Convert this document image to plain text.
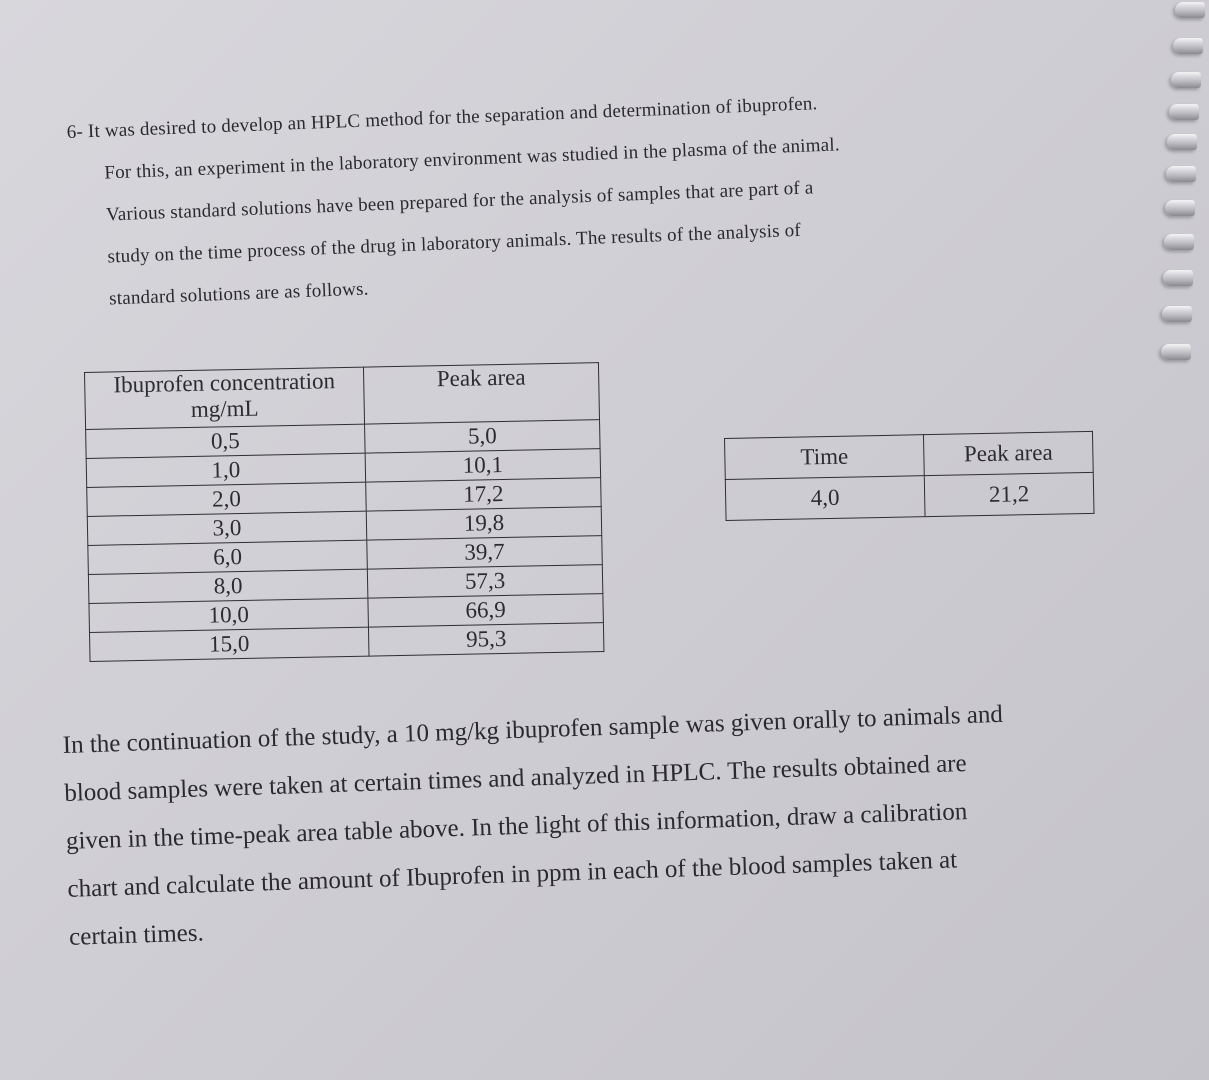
6- It was desired to develop an HPLC method for the separation and determination of ibuprofen.
For this, an experiment in the laboratory environment was studied in the plasma of the animal.
Various standard solutions have been prepared for the analysis of samples that are part of a
study on the time process of the drug in laboratory animals. The results of the analysis of
standard solutions are as follows.
Ibuprofen concentration mg/mL	Peak area
0,5	5,0
1,0	10,1
2,0	17,2
3,0	19,8
6,0	39,7
8,0	57,3
10,0	66,9
15,0	95,3
Time	Peak area
4,0	21,2
In the continuation of the study, a 10 mg/kg ibuprofen sample was given orally to animals and
blood samples were taken at certain times and analyzed in HPLC. The results obtained are
given in the time-peak area table above. In the light of this information, draw a calibration
chart and calculate the amount of Ibuprofen in ppm in each of the blood samples taken at
certain times.
